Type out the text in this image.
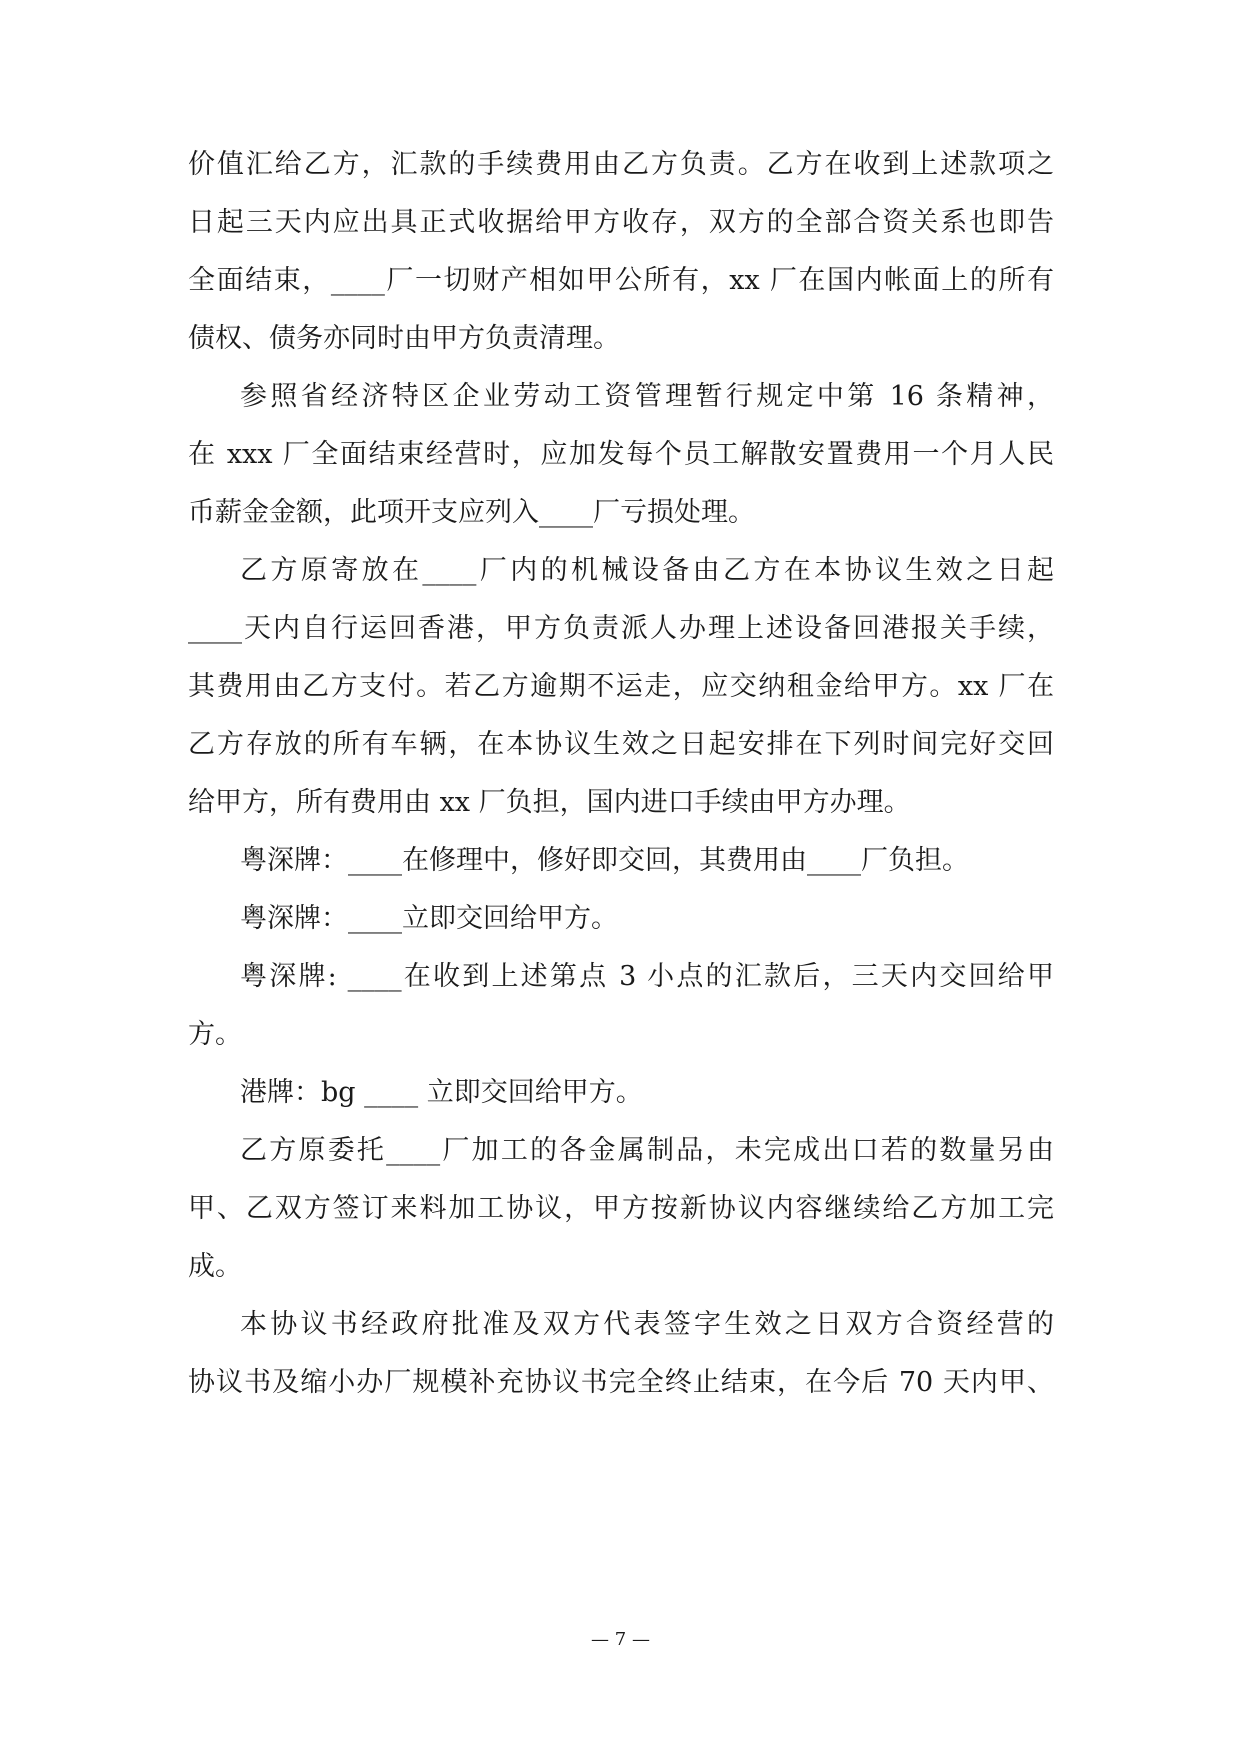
价值汇给乙方，汇款的手续费用由乙方负责。乙方在收到上述款项之
日起三天内应出具正式收据给甲方收存，双方的全部合资关系也即告
全面结束，____厂一切财产相如甲公所有，xx 厂在国内帐面上的所有
债权、债务亦同时由甲方负责清理。
参照省经济特区企业劳动工资管理暂行规定中第 16 条精神，
在 xxx 厂全面结束经营时，应加发每个员工解散安置费用一个月人民
币薪金金额，此项开支应列入____厂亏损处理。
乙方原寄放在____厂内的机械设备由乙方在本协议生效之日起
____天内自行运回香港，甲方负责派人办理上述设备回港报关手续，
其费用由乙方支付。若乙方逾期不运走，应交纳租金给甲方。xx 厂在
乙方存放的所有车辆，在本协议生效之日起安排在下列时间完好交回
给甲方，所有费用由 xx 厂负担，国内进口手续由甲方办理。
粤深牌：____在修理中，修好即交回，其费用由____厂负担。
粤深牌：____立即交回给甲方。
粤深牌: ____在收到上述第点 3 小点的汇款后，三天内交回给甲
方。
港牌：bg ____ 立即交回给甲方。
乙方原委托____厂加工的各金属制品，未完成出口若的数量另由
甲、乙双方签订来料加工协议，甲方按新协议内容继续给乙方加工完
成。
本协议书经政府批准及双方代表签字生效之日双方合资经营的
协议书及缩小办厂规模补充协议书完全终止结束，在今后 70 天内甲、
— 7 —
